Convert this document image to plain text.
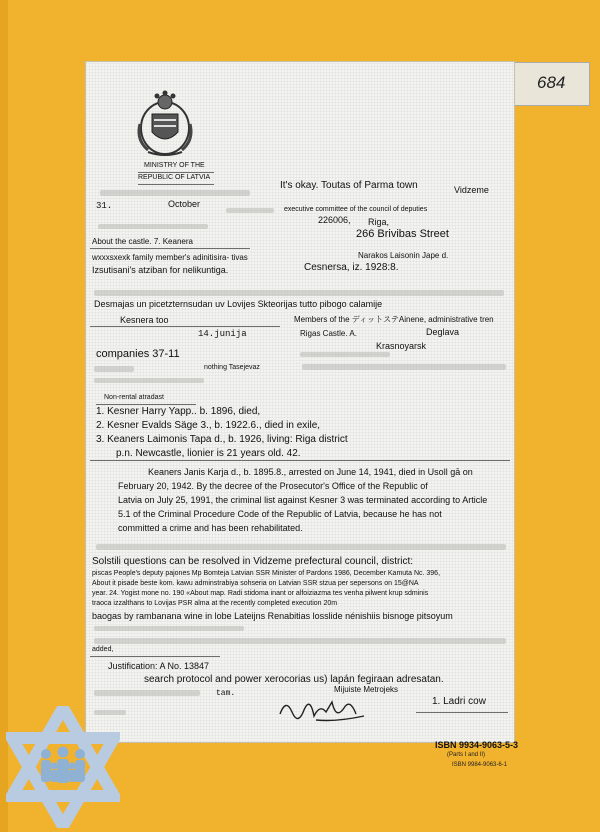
684
MINISTRY OF THE
REPUBLIC OF LATVIA
It's okay. Toutas of Parma town	Vidzeme
31.	October
executive committee of the council of deputies
226006, Riga,
266 Brivibas Street
About the castle. 7. Keanera
Narakos Laisonin Jape d.
wxxxsxexk family member's adinitisira- tivas
Izsutisani's atziban for nelikuntiga.	Cesnersa, iz. 1928:8.
Desmajas un picetzternsudan uv Lovijes Skteorijas tutto pibogo calamije
Kesnera too	Members of the ディットステAinene, administrative tren
14.junija	Rigas Castle. A.	Deglava
Krasnoyarsk
companies 37-11
nothing Tasejevaz
Non-rental atradast
1. Kesner Harry Yapp.. b. 1896, died,
2. Kesner Evalds Säge 3., b. 1922.6., died in exile,
3. Keaners Laimonis Tapa d., b. 1926, living: Riga district
p.n. Newcastle, lionier is 21 years old. 42.
Keaners Janis Karja d., b. 1895.8., arrested on June 14, 1941, died in Usoll gā on
February 20, 1942. By the decree of the Prosecutor's Office of the Republic of
Latvia on July 25, 1991, the criminal list against Kesner 3 was terminated according to Article
5.1 of the Criminal Procedure Code of the Republic of Latvia, because he has not
committed a crime and has been rehabilitated.
Solstili questions can be resolved in Vidzeme prefectural council, district:
piscas People's deputy pajones Mp Bomteja Latvian SSR Minister of Pardons 1986, December Kamuta Nc. 396,
About it pisade beste kom. kawu adminstrabiya sohseria on Latvian SSR stzua per sepersons on 15@NA
year. 24. Yogist mone no. 190 «About map. Radi stidoma inant or alfoiziazma tes venha pilwent krup sdminis
traoca izzalthans to Lovijas PSR alma at the recently completed execution 20m
baogas by rambanana wine in lobe Lateijns Renabitias losslide nénishiis bisnoge pitsoyum
added,
Justification: A No. 13847
search protocol and power xerocorias us) lapán fegiraan adresatan.
tam.	Mijuiste Metrojeks
1. Ladri cow
ISBN 9934-9063-5-3
(Parts I and II)
ISBN 9984-9063-6-1
